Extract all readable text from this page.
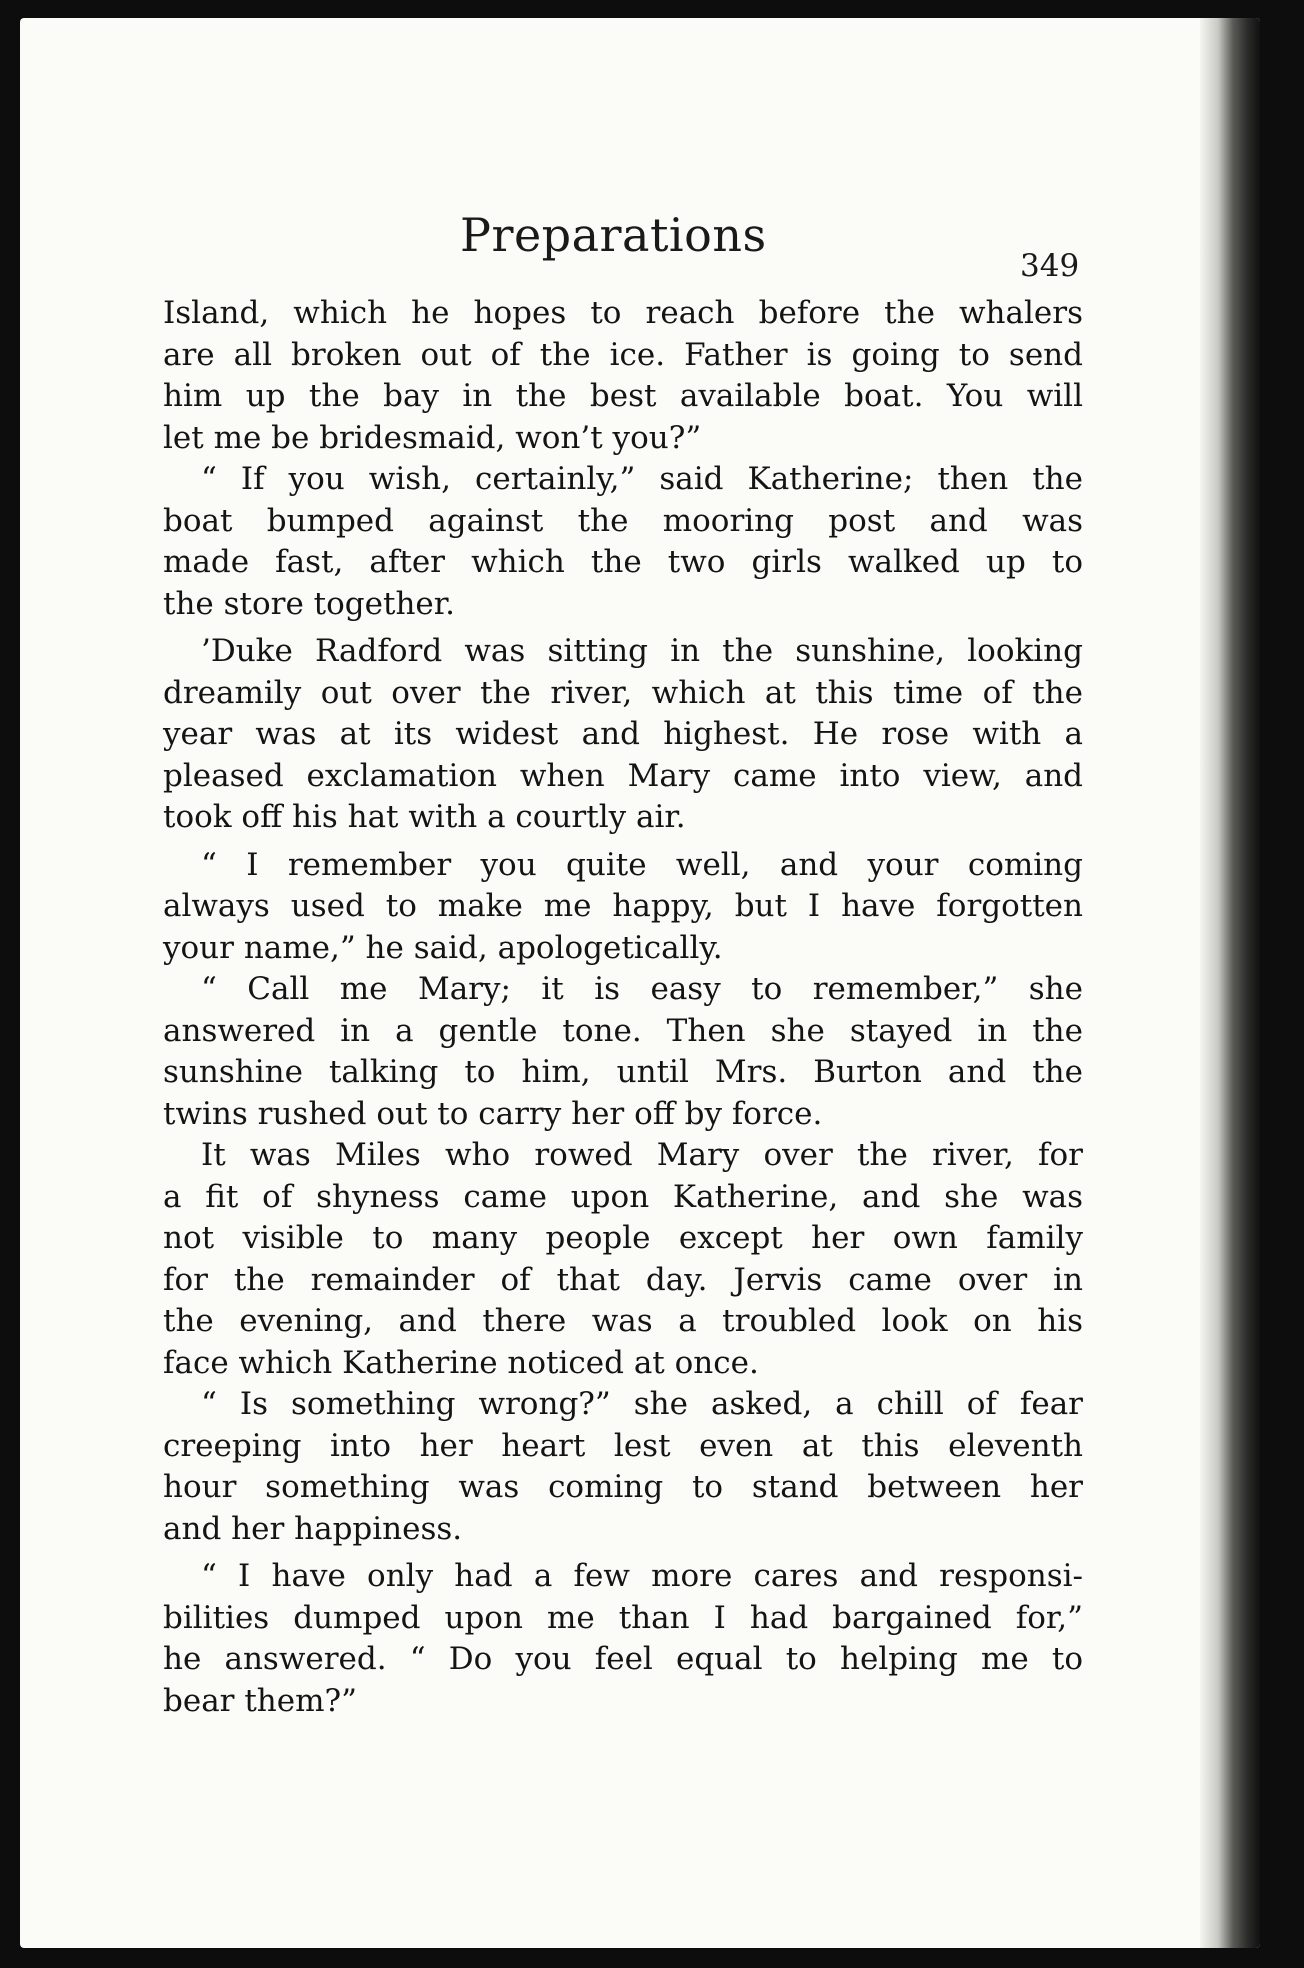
Preparations
349
Island, which he hopes to reach before the whalers
are all broken out of the ice. Father is going to send
him up the bay in the best available boat. You will
let me be bridesmaid, won’t you?”
“ If you wish, certainly,” said Katherine; then the
boat bumped against the mooring post and was
made fast, after which the two girls walked up to
the store together.
’Duke Radford was sitting in the sunshine, looking
dreamily out over the river, which at this time of the
year was at its widest and highest. He rose with a
pleased exclamation when Mary came into view, and
took off his hat with a courtly air.
“ I remember you quite well, and your coming
always used to make me happy, but I have forgotten
your name,” he said, apologetically.
“ Call me Mary; it is easy to remember,” she
answered in a gentle tone. Then she stayed in the
sunshine talking to him, until Mrs. Burton and the
twins rushed out to carry her off by force.
It was Miles who rowed Mary over the river, for
a fit of shyness came upon Katherine, and she was
not visible to many people except her own family
for the remainder of that day. Jervis came over in
the evening, and there was a troubled look on his
face which Katherine noticed at once.
“ Is something wrong?” she asked, a chill of fear
creeping into her heart lest even at this eleventh
hour something was coming to stand between her
and her happiness.
“ I have only had a few more cares and responsi-
bilities dumped upon me than I had bargained for,”
he answered. “ Do you feel equal to helping me to
bear them?”
